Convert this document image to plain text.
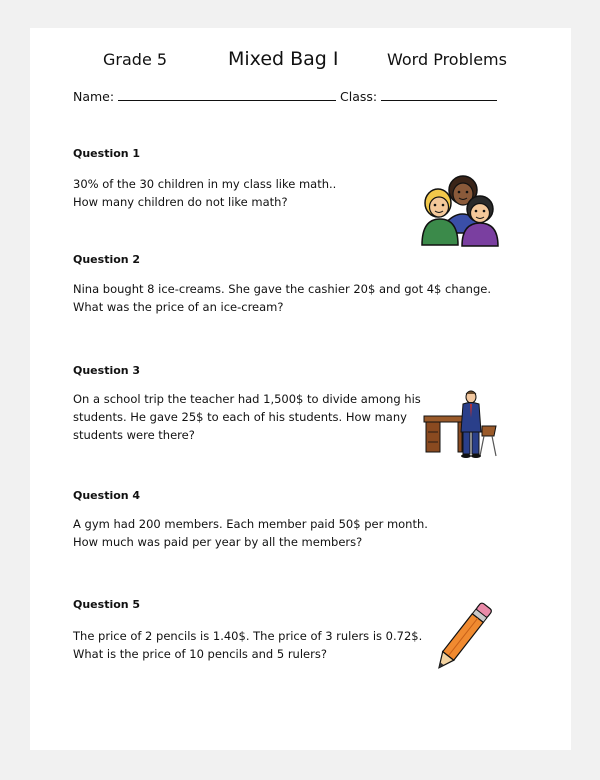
Grade 5	Mixed Bag I	Word Problems
Name:	Class:
Question 1
30% of the 30 children in my class like math..
How many children do not like math?
Question 2
Nina bought 8 ice-creams. She gave the cashier 20$ and got 4$ change.
What was the price of an ice-cream?
Question 3
On a school trip the teacher had 1,500$ to divide among his
students. He gave 25$ to each of his students. How many
students were there?
Question 4
A gym had 200 members. Each member paid 50$ per month.
How much was paid per year by all the members?
Question 5
The price of 2 pencils is 1.40$. The price of 3 rulers is 0.72$.
What is the price of 10 pencils and 5 rulers?
